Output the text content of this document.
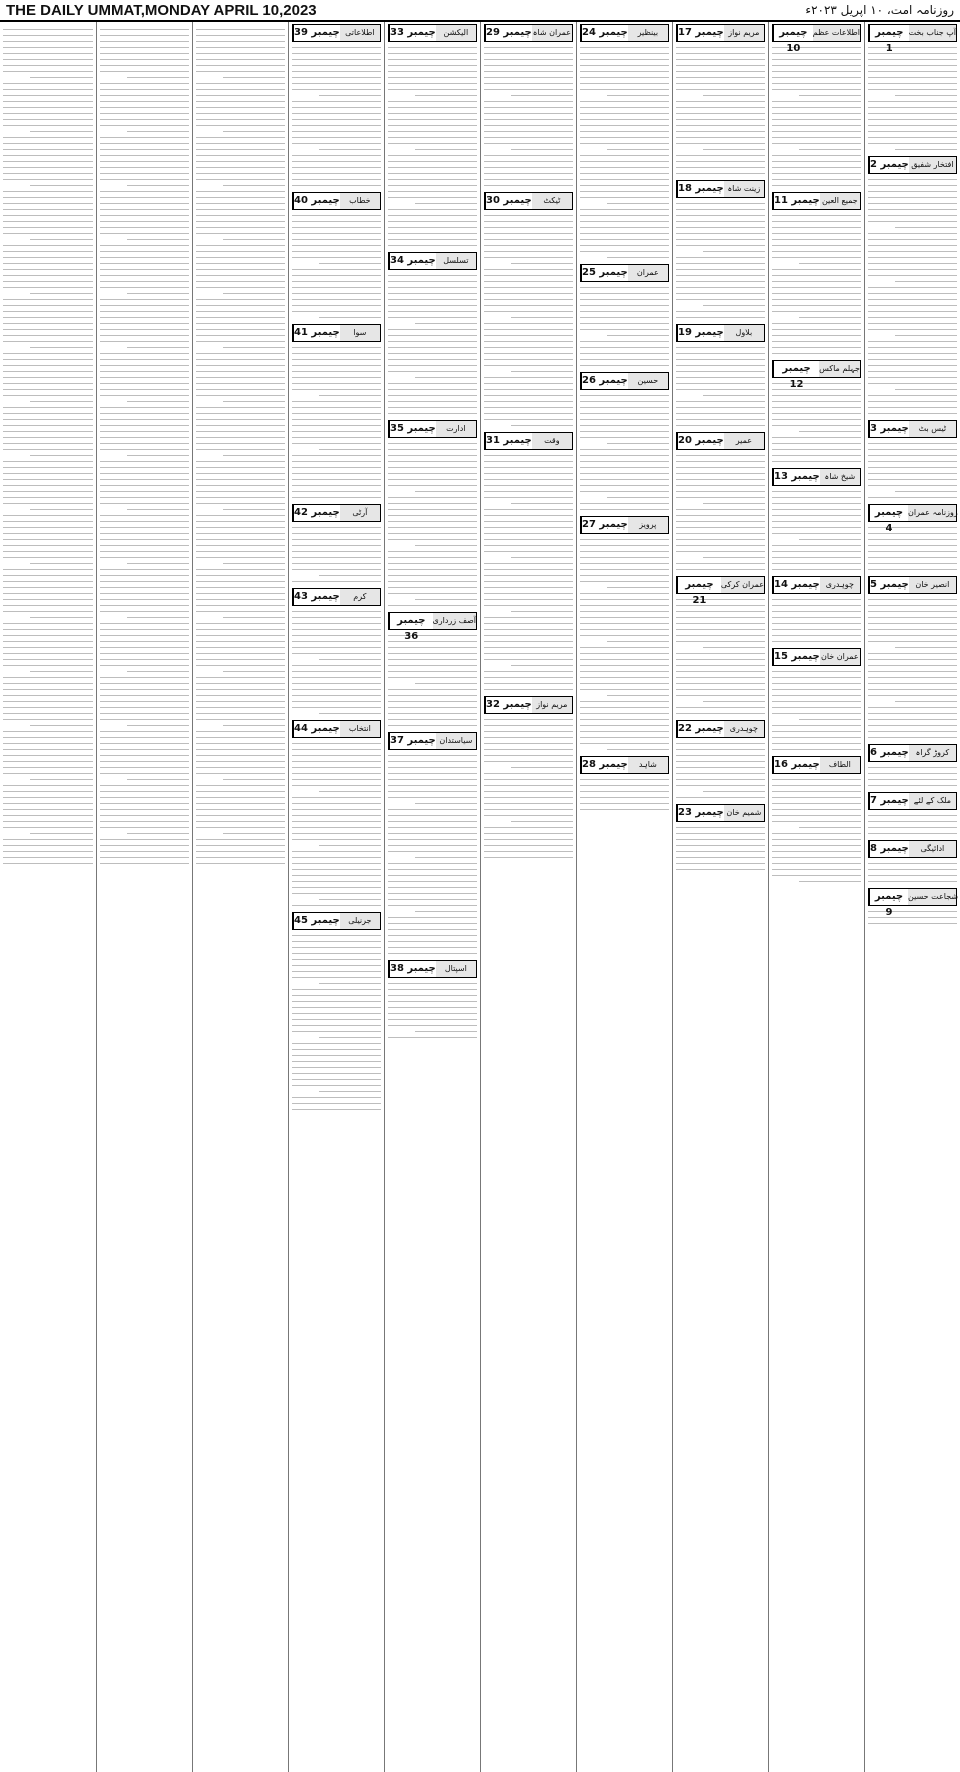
THE DAILY UMMAT,MONDAY APRIL 10,2023	روزنامہ امت، ۱۰ اپریل ۲۰۲۳ء
چیمبر 1
آپ جناب بخت
چیمبر 2 افتخار شفیق
چیمبر 3	ٹیس بٹ
چیمبر 4
روزنامہ عمران
چیمبر 5 انصیر خان
چیمبر 6 کروڑ گراہ
چیمبر 7 ملک کے لئے
چیمبر 8	ادائیگی
چیمبر 9
شجاعت حسین
چیمبر 10
اطلاعات عظم
چیمبر 11 جمیع العین
چیمبر 12
جہلم ماکس
چیمبر 13 شیخ شاہ
چیمبر 14 چوہدری
چیمبر 15 عمران خان
چیمبر 16	الطاف
چیمبر 17 مریم نواز
چیمبر 18 زینت شاہ
چیمبر 19	بلاول
چیمبر 20	عمیر
چیمبر 21
عمران کرکی
چیمبر 22 چوہدری
چیمبر 23 شمیم خان
چیمبر 24	بینظیر
چیمبر 25	عمران
چیمبر 26	حسین
چیمبر 27	پرویز
چیمبر 28	شاہد
چیمبر 29 عمران شاہ
چیمبر 30	ٹیکٹ
چیمبر 31	وقت
چیمبر 32 مریم نواز
چیمبر 33 الیکشن
چیمبر 34 تسلسل
چیمبر 35	ادارت
چیمبر 36
آصف زرداری
چیمبر 37 سیاستدان
چیمبر 38	اسپتال
چیمبر 39 اطلاعاتی
چیمبر 40	خطاب
چیمبر 41	سوا
چیمبر 42	آرٹی
چیمبر 43	کرم
چیمبر 44	انتخاب
چیمبر 45	جرنیلی
